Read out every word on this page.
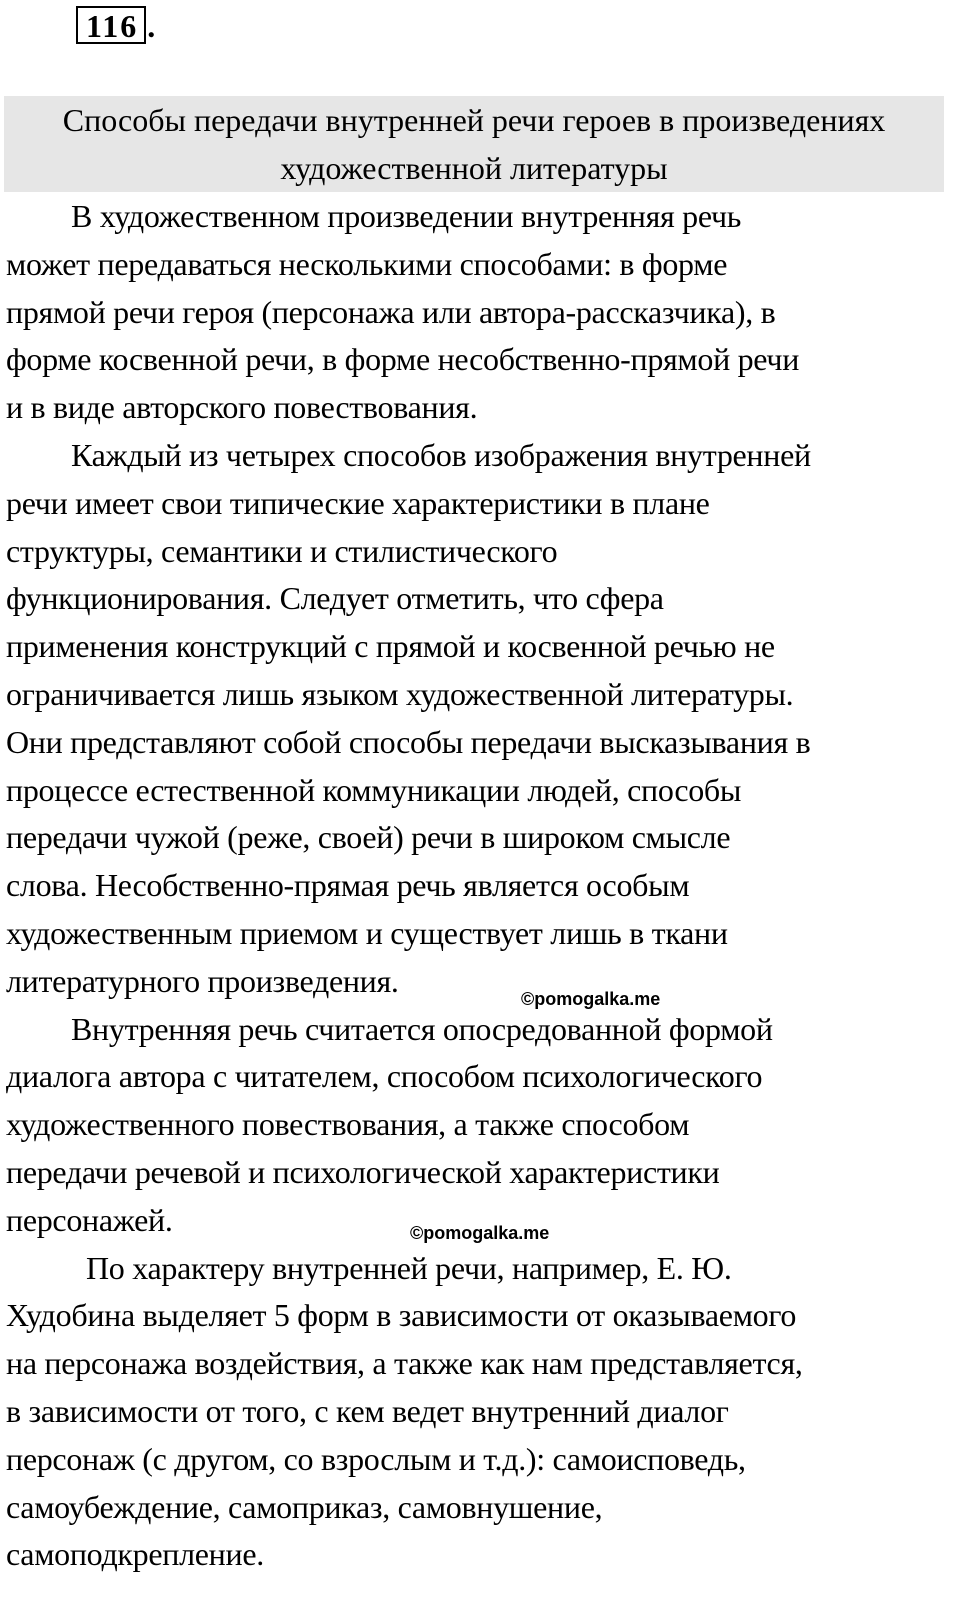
116 .
Способы передачи внутренней речи героев в произведениях
художественной литературы
В художественном произведении внутренняя речь
может передаваться несколькими способами: в форме
прямой речи героя (персонажа или автора-рассказчика), в
форме косвенной речи, в форме несобственно-прямой речи
и в виде авторского повествования.
Каждый из четырех способов изображения внутренней
речи имеет свои типические характеристики в плане
структуры, семантики и стилистического
функционирования. Следует отметить, что сфера
применения конструкций с прямой и косвенной речью не
ограничивается лишь языком художественной литературы.
Они представляют собой способы передачи высказывания в
процессе естественной коммуникации людей, способы
передачи чужой (реже, своей) речи в широком смысле
слова. Несобственно-прямая речь является особым
художественным приемом и существует лишь в ткани
литературного произведения.
Внутренняя речь считается опосредованной формой
диалога автора с читателем, способом психологического
художественного повествования, а также способом
передачи речевой и психологической характеристики
персонажей.
По характеру внутренней речи, например, Е. Ю.
Худобина выделяет 5 форм в зависимости от оказываемого
на персонажа воздействия, а также как нам представляется,
в зависимости от того, с кем ведет внутренний диалог
персонаж (с другом, со взрослым и т.д.): самоисповедь,
самоубеждение, самоприказ, самовнушение,
самоподкрепление.
©pomogalka.me
©pomogalka.me
